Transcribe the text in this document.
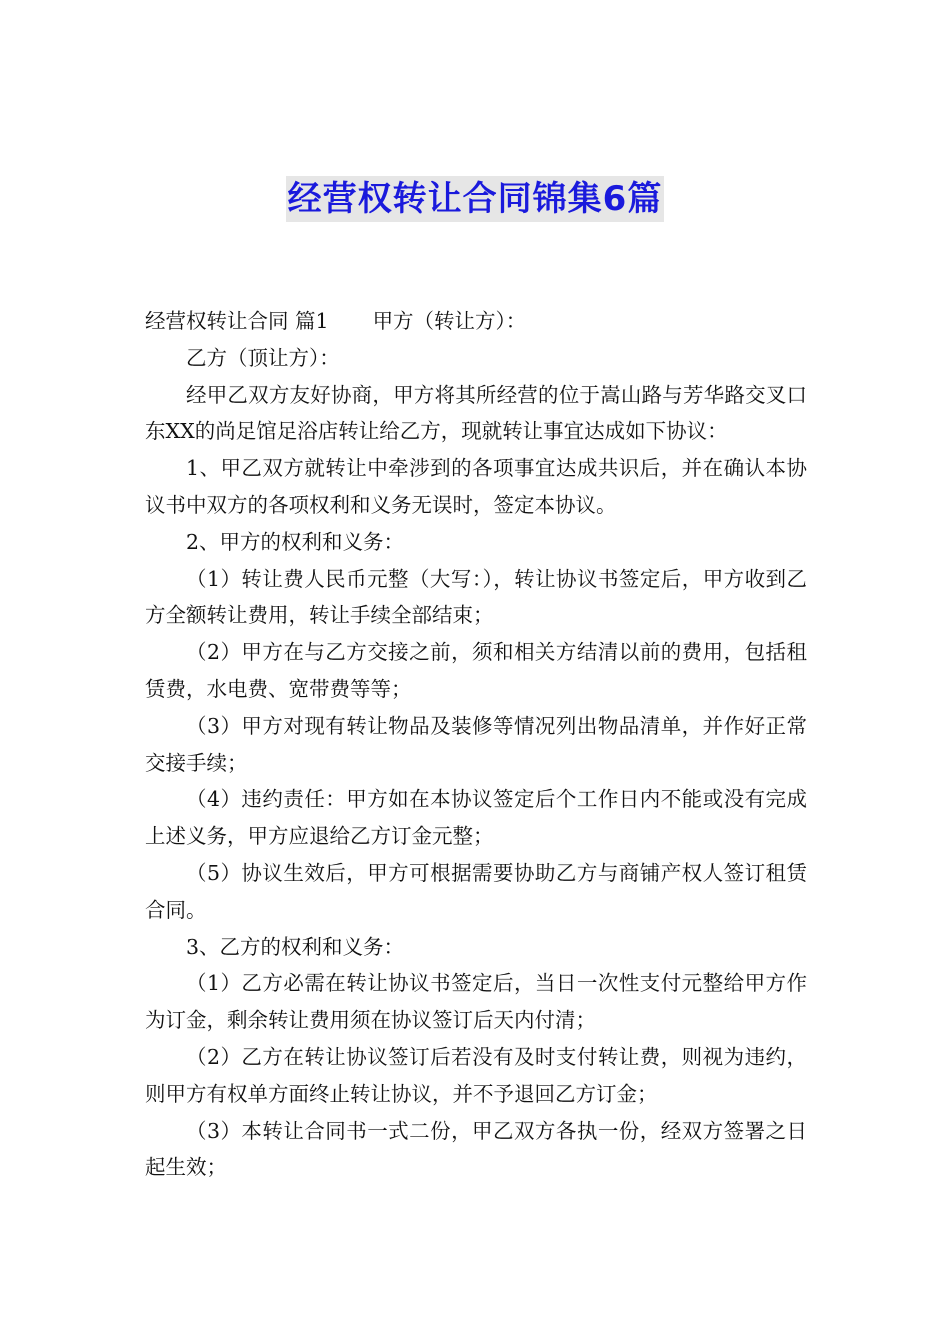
经营权转让合同锦集6篇

经营权转让合同 篇1 甲方（转让方）：

乙方（顶让方）：

经甲乙双方友好协商，甲方将其所经营的位于嵩山路与芳华路交叉口东XX的尚足馆足浴店转让给乙方，现就转让事宜达成如下协议：

1、甲乙双方就转让中牵涉到的各项事宜达成共识后，并在确认本协议书中双方的各项权利和义务无误时，签定本协议。

2、甲方的权利和义务：

（1）转让费人民币元整（大写：），转让协议书签定后，甲方收到乙方全额转让费用，转让手续全部结束；

（2）甲方在与乙方交接之前，须和相关方结清以前的费用，包括租赁费，水电费、宽带费等等；

（3）甲方对现有转让物品及装修等情况列出物品清单，并作好正常交接手续；

（4）违约责任：甲方如在本协议签定后个工作日内不能或没有完成上述义务，甲方应退给乙方订金元整；

（5）协议生效后，甲方可根据需要协助乙方与商铺产权人签订租赁合同。

3、乙方的权利和义务：

（1）乙方必需在转让协议书签定后，当日一次性支付元整给甲方作为订金，剩余转让费用须在协议签订后天内付清；

（2）乙方在转让协议签订后若没有及时支付转让费，则视为违约，则甲方有权单方面终止转让协议，并不予退回乙方订金；

（3）本转让合同书一式二份，甲乙双方各执一份，经双方签署之日起生效；
